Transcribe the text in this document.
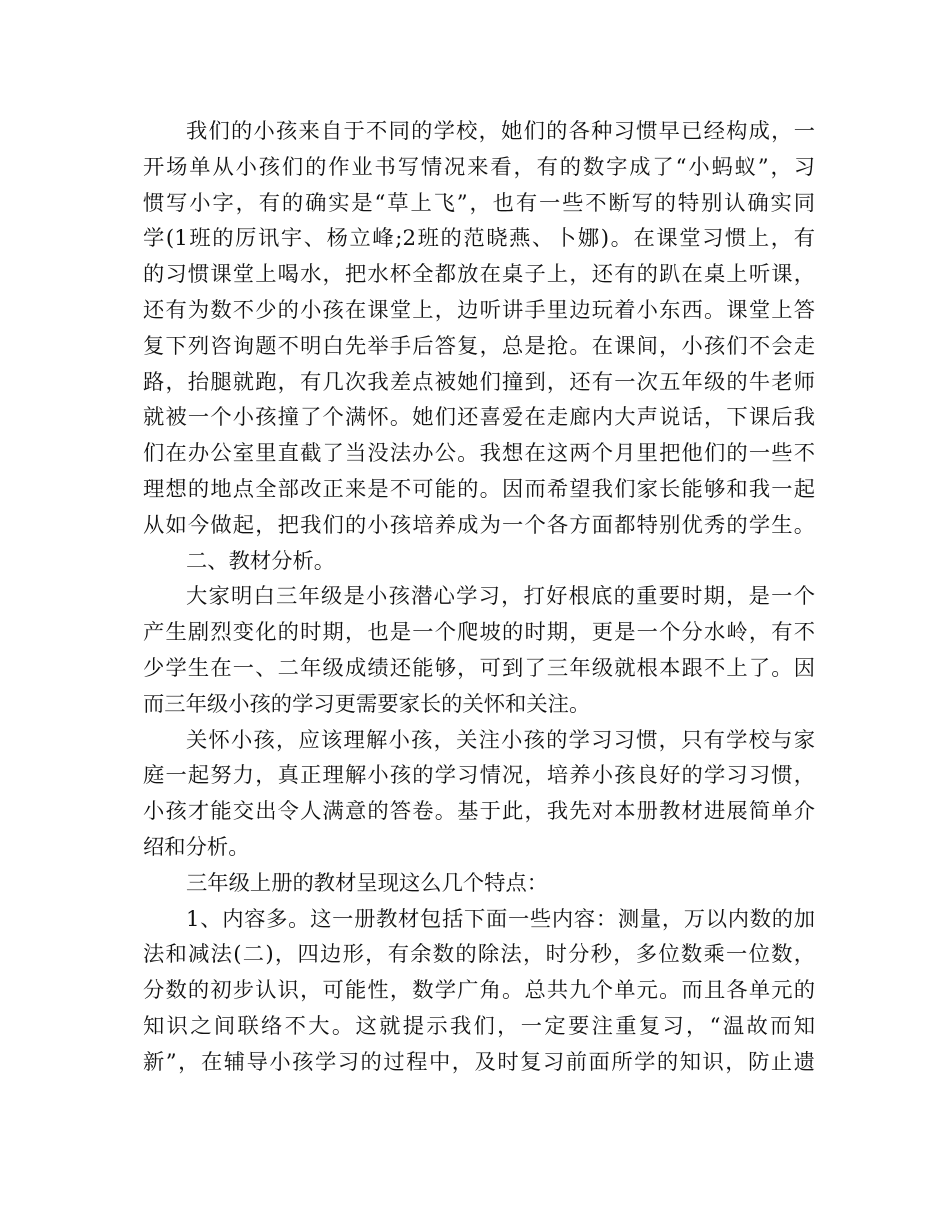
我们的小孩来自于不同的学校，她们的各种习惯早已经构成，一
开场单从小孩们的作业书写情况来看，有的数字成了“小蚂蚁”，习
惯写小字，有的确实是“草上飞”，也有一些不断写的特别认确实同
学(1班的厉讯宇、杨立峰;2班的范晓燕、卜娜)。在课堂习惯上，有
的习惯课堂上喝水，把水杯全都放在桌子上，还有的趴在桌上听课，
还有为数不少的小孩在课堂上，边听讲手里边玩着小东西。课堂上答
复下列咨询题不明白先举手后答复，总是抢。在课间，小孩们不会走
路，抬腿就跑，有几次我差点被她们撞到，还有一次五年级的牛老师
就被一个小孩撞了个满怀。她们还喜爱在走廊内大声说话，下课后我
们在办公室里直截了当没法办公。我想在这两个月里把他们的一些不
理想的地点全部改正来是不可能的。因而希望我们家长能够和我一起
从如今做起，把我们的小孩培养成为一个各方面都特别优秀的学生。
二、教材分析。
大家明白三年级是小孩潜心学习，打好根底的重要时期，是一个
产生剧烈变化的时期，也是一个爬坡的时期，更是一个分水岭，有不
少学生在一、二年级成绩还能够，可到了三年级就根本跟不上了。因
而三年级小孩的学习更需要家长的关怀和关注。
关怀小孩，应该理解小孩，关注小孩的学习习惯，只有学校与家
庭一起努力，真正理解小孩的学习情况，培养小孩良好的学习习惯，
小孩才能交出令人满意的答卷。基于此，我先对本册教材进展简单介
绍和分析。
三年级上册的教材呈现这么几个特点：
1、内容多。这一册教材包括下面一些内容：测量，万以内数的加
法和减法(二)，四边形，有余数的除法，时分秒，多位数乘一位数，
分数的初步认识，可能性，数学广角。总共九个单元。而且各单元的
知识之间联络不大。这就提示我们，一定要注重复习，“温故而知
新”，在辅导小孩学习的过程中，及时复习前面所学的知识，防止遗
